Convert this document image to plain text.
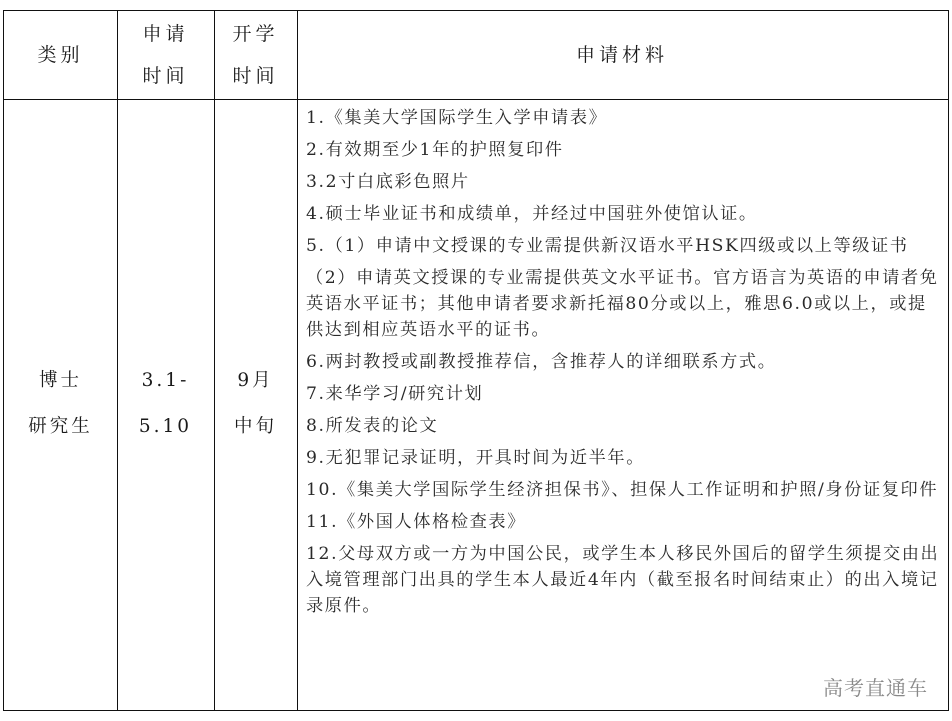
类别
申请
时间
开学
时间
申请材料
博士
研究生
3.1-
5.10
9月
中旬

1.《集美大学国际学生入学申请表》

2.有效期至少1年的护照复印件

3.2寸白底彩色照片

4.硕士毕业证书和成绩单，并经过中国驻外使馆认证。

5.（1）申请中文授课的专业需提供新汉语水平HSK四级或以上等级证书

（2）申请英文授课的专业需提供英文水平证书。官方语言为英语的申请者免英语水平证书；其他申请者要求新托福80分或以上，雅思6.0或以上，或提供达到相应英语水平的证书。

6.两封教授或副教授推荐信，含推荐人的详细联系方式。

7.来华学习/研究计划

8.所发表的论文

9.无犯罪记录证明，开具时间为近半年。

10.《集美大学国际学生经济担保书》、担保人工作证明和护照/身份证复印件

11.《外国人体格检查表》

12.父母双方或一方为中国公民，或学生本人移民外国后的留学生须提交由出入境管理部门出具的学生本人最近4年内（截至报名时间结束止）的出入境记录原件。

高考直通车
